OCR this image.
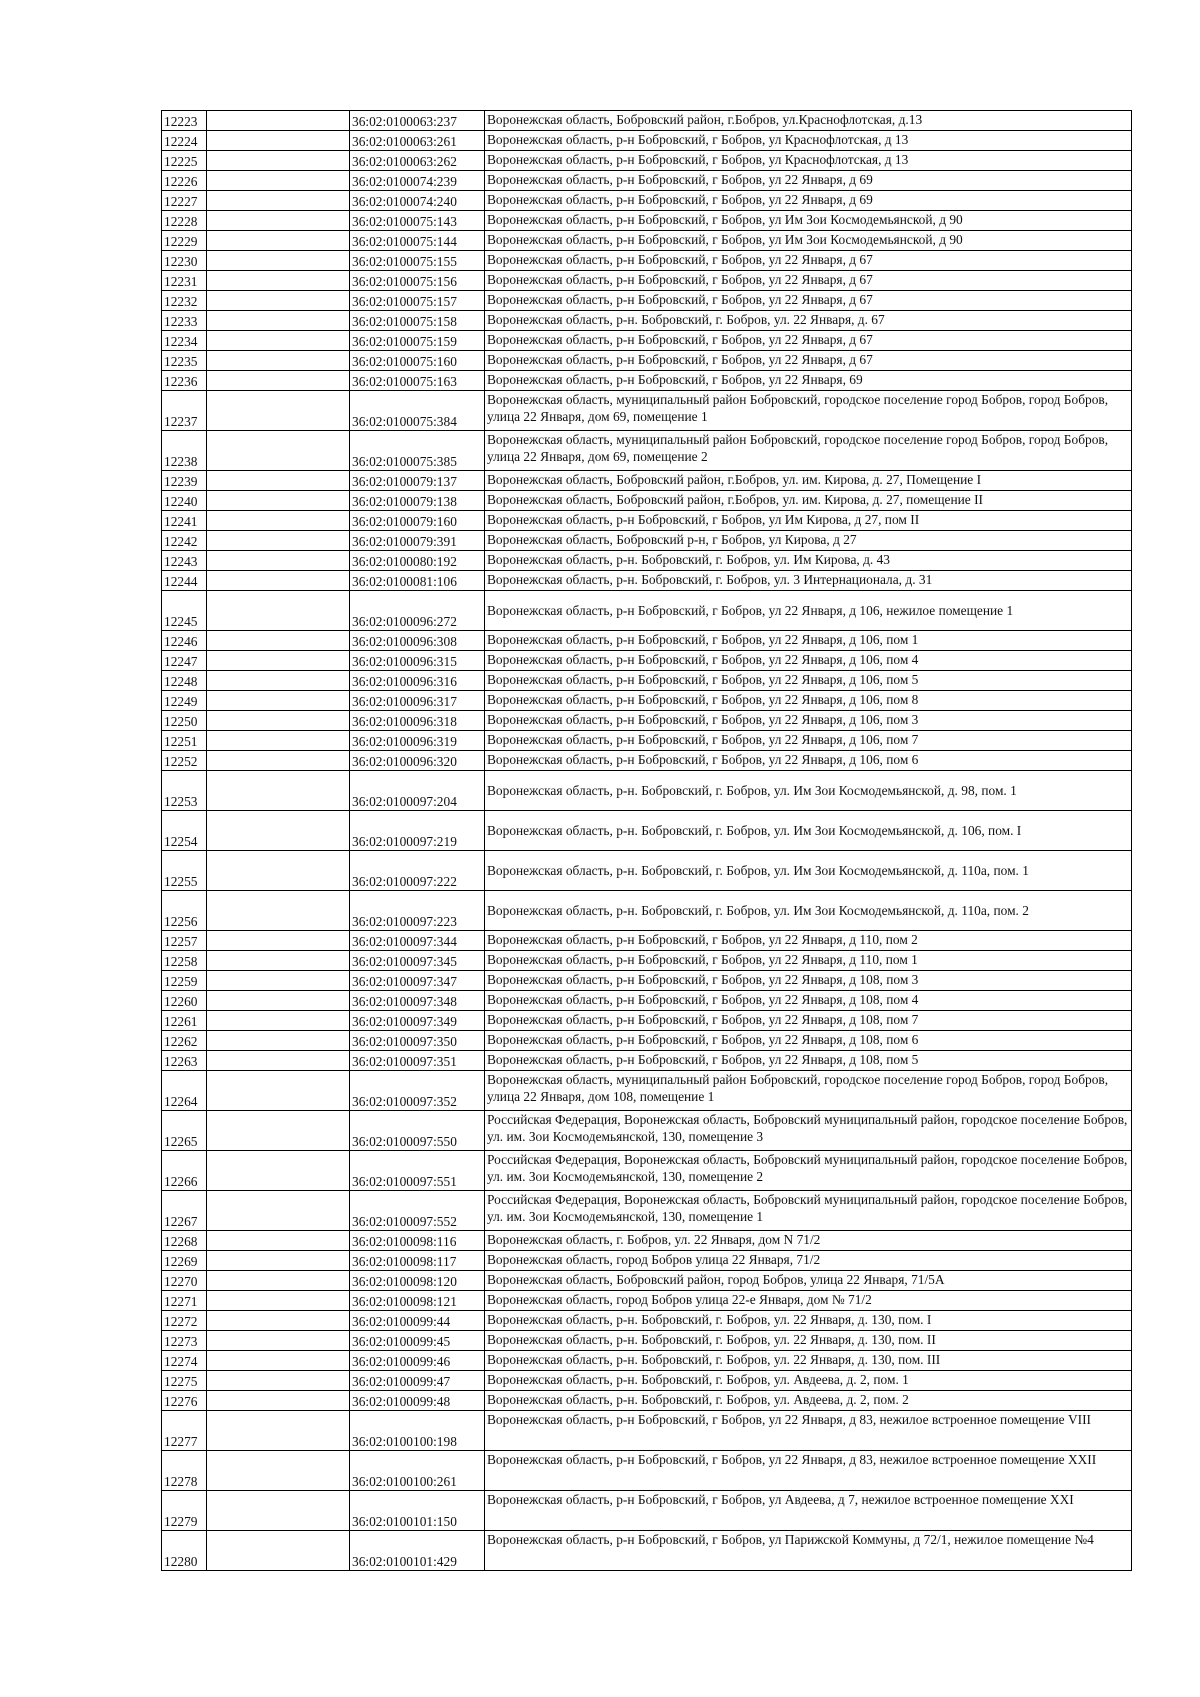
12223		36:02:0100063:237	Воронежская область, Бобровский район, г.Бобров, ул.Краснофлотская, д.13
12224		36:02:0100063:261	Воронежская область, р-н Бобровский, г Бобров, ул Краснофлотская, д 13
12225		36:02:0100063:262	Воронежская область, р-н Бобровский, г Бобров, ул Краснофлотская, д 13
12226		36:02:0100074:239	Воронежская область, р-н Бобровский, г Бобров, ул 22 Января, д 69
12227		36:02:0100074:240	Воронежская область, р-н Бобровский, г Бобров, ул 22 Января, д 69
12228		36:02:0100075:143	Воронежская область, р-н Бобровский, г Бобров, ул Им Зои Космодемьянской, д 90
12229		36:02:0100075:144	Воронежская область, р-н Бобровский, г Бобров, ул Им Зои Космодемьянской, д 90
12230		36:02:0100075:155	Воронежская область, р-н Бобровский, г Бобров, ул 22 Января, д 67
12231		36:02:0100075:156	Воронежская область, р-н Бобровский, г Бобров, ул 22 Января, д 67
12232		36:02:0100075:157	Воронежская область, р-н Бобровский, г Бобров, ул 22 Января, д 67
12233		36:02:0100075:158	Воронежская область, р-н. Бобровский, г. Бобров, ул. 22 Января, д. 67
12234		36:02:0100075:159	Воронежская область, р-н Бобровский, г Бобров, ул 22 Января, д 67
12235		36:02:0100075:160	Воронежская область, р-н Бобровский, г Бобров, ул 22 Января, д 67
12236		36:02:0100075:163	Воронежская область, р-н Бобровский, г Бобров, ул 22 Января, 69
12237		36:02:0100075:384	Воронежская область, муниципальный район Бобровский, городское поселение город Бобров, город Бобров, улица 22 Января, дом 69, помещение 1
12238		36:02:0100075:385	Воронежская область, муниципальный район Бобровский, городское поселение город Бобров, город Бобров, улица 22 Января, дом 69, помещение 2
12239		36:02:0100079:137	Воронежская область, Бобровский район, г.Бобров, ул. им. Кирова, д. 27, Помещение I
12240		36:02:0100079:138	Воронежская область, Бобровский район, г.Бобров, ул. им. Кирова, д. 27, помещение II
12241		36:02:0100079:160	Воронежская область, р-н Бобровский, г Бобров, ул Им Кирова, д 27, пом II
12242		36:02:0100079:391	Воронежская область, Бобровский р-н, г Бобров, ул Кирова, д 27
12243		36:02:0100080:192	Воронежская область, р-н. Бобровский, г. Бобров, ул. Им Кирова, д. 43
12244		36:02:0100081:106	Воронежская область, р-н. Бобровский, г. Бобров, ул. 3 Интернационала, д. 31
12245		36:02:0100096:272	Воронежская область, р-н Бобровский, г Бобров, ул 22 Января, д 106, нежилое помещение 1
12246		36:02:0100096:308	Воронежская область, р-н Бобровский, г Бобров, ул 22 Января, д 106, пом 1
12247		36:02:0100096:315	Воронежская область, р-н Бобровский, г Бобров, ул 22 Января, д 106, пом 4
12248		36:02:0100096:316	Воронежская область, р-н Бобровский, г Бобров, ул 22 Января, д 106, пом 5
12249		36:02:0100096:317	Воронежская область, р-н Бобровский, г Бобров, ул 22 Января, д 106, пом 8
12250		36:02:0100096:318	Воронежская область, р-н Бобровский, г Бобров, ул 22 Января, д 106, пом 3
12251		36:02:0100096:319	Воронежская область, р-н Бобровский, г Бобров, ул 22 Января, д 106, пом 7
12252		36:02:0100096:320	Воронежская область, р-н Бобровский, г Бобров, ул 22 Января, д 106, пом 6
12253		36:02:0100097:204	Воронежская область, р-н. Бобровский, г. Бобров, ул. Им Зои Космодемьянской, д. 98, пом. 1
12254		36:02:0100097:219	Воронежская область, р-н. Бобровский, г. Бобров, ул. Им Зои Космодемьянской, д. 106, пом. I
12255		36:02:0100097:222	Воронежская область, р-н. Бобровский, г. Бобров, ул. Им Зои Космодемьянской, д. 110а, пом. 1
12256		36:02:0100097:223	Воронежская область, р-н. Бобровский, г. Бобров, ул. Им Зои Космодемьянской, д. 110а, пом. 2
12257		36:02:0100097:344	Воронежская область, р-н Бобровский, г Бобров, ул 22 Января, д 110, пом 2
12258		36:02:0100097:345	Воронежская область, р-н Бобровский, г Бобров, ул 22 Января, д 110, пом 1
12259		36:02:0100097:347	Воронежская область, р-н Бобровский, г Бобров, ул 22 Января, д 108, пом 3
12260		36:02:0100097:348	Воронежская область, р-н Бобровский, г Бобров, ул 22 Января, д 108, пом 4
12261		36:02:0100097:349	Воронежская область, р-н Бобровский, г Бобров, ул 22 Января, д 108, пом 7
12262		36:02:0100097:350	Воронежская область, р-н Бобровский, г Бобров, ул 22 Января, д 108, пом 6
12263		36:02:0100097:351	Воронежская область, р-н Бобровский, г Бобров, ул 22 Января, д 108, пом 5
12264		36:02:0100097:352	Воронежская область, муниципальный район Бобровский, городское поселение город Бобров, город Бобров, улица 22 Января, дом 108, помещение 1
12265		36:02:0100097:550	Российская Федерация, Воронежская область, Бобровский муниципальный район, городское поселение Бобров, ул. им. Зои Космодемьянской, 130, помещение 3
12266		36:02:0100097:551	Российская Федерация, Воронежская область, Бобровский муниципальный район, городское поселение Бобров, ул. им. Зои Космодемьянской, 130, помещение 2
12267		36:02:0100097:552	Российская Федерация, Воронежская область, Бобровский муниципальный район, городское поселение Бобров, ул. им. Зои Космодемьянской, 130, помещение 1
12268		36:02:0100098:116	Воронежская область, г. Бобров, ул. 22 Января, дом N 71/2
12269		36:02:0100098:117	Воронежская область, город Бобров улица 22 Января, 71/2
12270		36:02:0100098:120	Воронежская область, Бобровский район, город Бобров, улица 22 Января, 71/5А
12271		36:02:0100098:121	Воронежская область, город Бобров улица 22-е Января, дом № 71/2
12272		36:02:0100099:44	Воронежская область, р-н. Бобровский, г. Бобров, ул. 22 Января, д. 130, пом. I
12273		36:02:0100099:45	Воронежская область, р-н. Бобровский, г. Бобров, ул. 22 Января, д. 130, пом. II
12274		36:02:0100099:46	Воронежская область, р-н. Бобровский, г. Бобров, ул. 22 Января, д. 130, пом. III
12275		36:02:0100099:47	Воронежская область, р-н. Бобровский, г. Бобров, ул. Авдеева, д. 2, пом. 1
12276		36:02:0100099:48	Воронежская область, р-н. Бобровский, г. Бобров, ул. Авдеева, д. 2, пом. 2
12277		36:02:0100100:198	Воронежская область, р-н Бобровский, г Бобров, ул 22 Января, д 83, нежилое встроенное помещение VIII
12278		36:02:0100100:261	Воронежская область, р-н Бобровский, г Бобров, ул 22 Января, д 83, нежилое встроенное помещение XXII
12279		36:02:0100101:150	Воронежская область, р-н Бобровский, г Бобров, ул Авдеева, д 7, нежилое встроенное помещение XXI
12280		36:02:0100101:429	Воронежская область, р-н Бобровский, г Бобров, ул Парижской Коммуны, д 72/1, нежилое помещение №4
